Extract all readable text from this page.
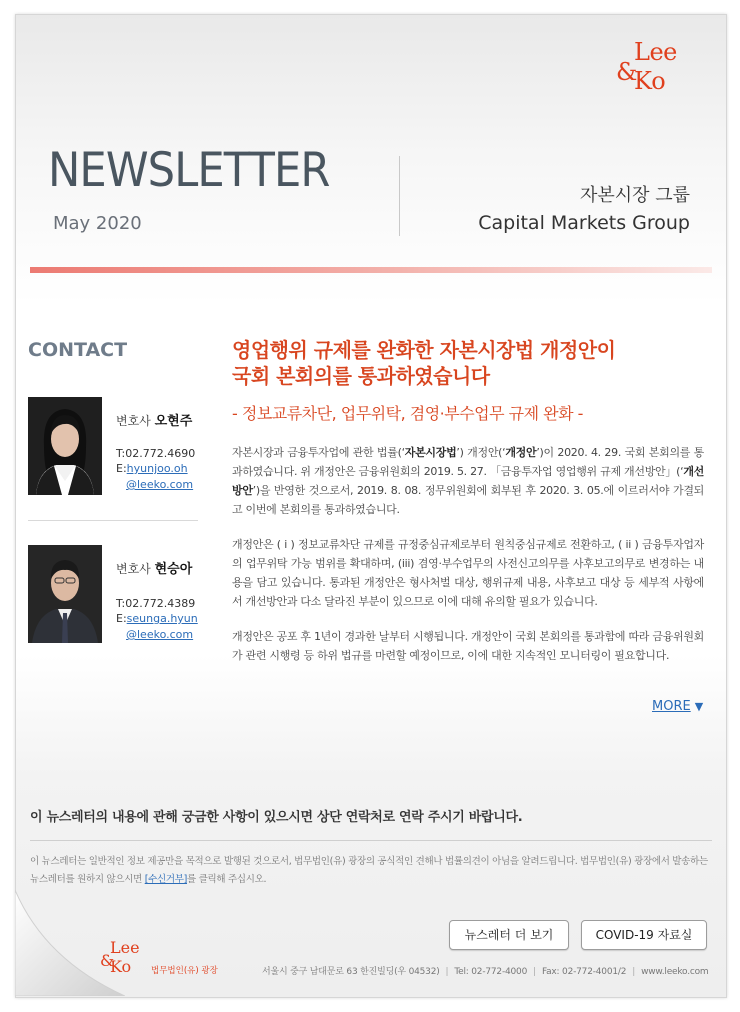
Lee
&
Ko
NEWSLETTER
May 2020
자본시장 그룹
Capital Markets Group
CONTACT
변호사 오현주
T:02.772.4690
E:hyunjoo.oh
@leeko.com
변호사 현승아
T:02.772.4389
E:seunga.hyun
@leeko.com
영업행위 규제를 완화한 자본시장법 개정안이
국회 본회의를 통과하였습니다
- 정보교류차단, 업무위탁, 겸영·부수업무 규제 완화 -
자본시장과 금융투자업에 관한 법률(‘자본시장법’) 개정안(‘개정안’)이 2020. 4. 29. 국회 본회의를 통과하였습니다. 위 개정안은 금융위원회의 2019. 5. 27. 「금융투자업 영업행위 규제 개선방안」(‘개선방안’)을 반영한 것으로서, 2019. 8. 08. 정무위원회에 회부된 후 2020. 3. 05.에 이르러서야 가결되고 이번에 본회의를 통과하였습니다.
개정안은 ( i ) 정보교류차단 규제를 규정중심규제로부터 원칙중심규제로 전환하고, ( ii ) 금융투자업자의 업무위탁 가능 범위를 확대하며, (iii) 겸영·부수업무의 사전신고의무를 사후보고의무로 변경하는 내용을 담고 있습니다. 통과된 개정안은 형사처벌 대상, 행위규제 내용, 사후보고 대상 등 세부적 사항에서 개선방안과 다소 달라진 부분이 있으므로 이에 대해 유의할 필요가 있습니다.
개정안은 공포 후 1년이 경과한 날부터 시행됩니다. 개정안이 국회 본회의를 통과함에 따라 금융위원회가 관련 시행령 등 하위 법규를 마련할 예정이므로, 이에 대한 지속적인 모니터링이 필요합니다.
MORE ▼
이 뉴스레터의 내용에 관해 궁금한 사항이 있으시면 상단 연락처로 연락 주시기 바랍니다.
이 뉴스레터는 일반적인 정보 제공만을 목적으로 발행된 것으로서, 법무법인(유) 광장의 공식적인 견해나 법률의견이 아님을 알려드립니다. 법무법인(유) 광장에서 발송하는 뉴스레터를 원하지 않으시면 [수신거부]를 클릭해 주십시오.
뉴스레터 더 보기	COVID-19 자료실
Lee
&
Ko 법무법인(유) 광장	서울시 중구 남대문로 63 한진빌딩(우 04532) | Tel: 02-772-4000 | Fax: 02-772-4001/2 | www.leeko.com
